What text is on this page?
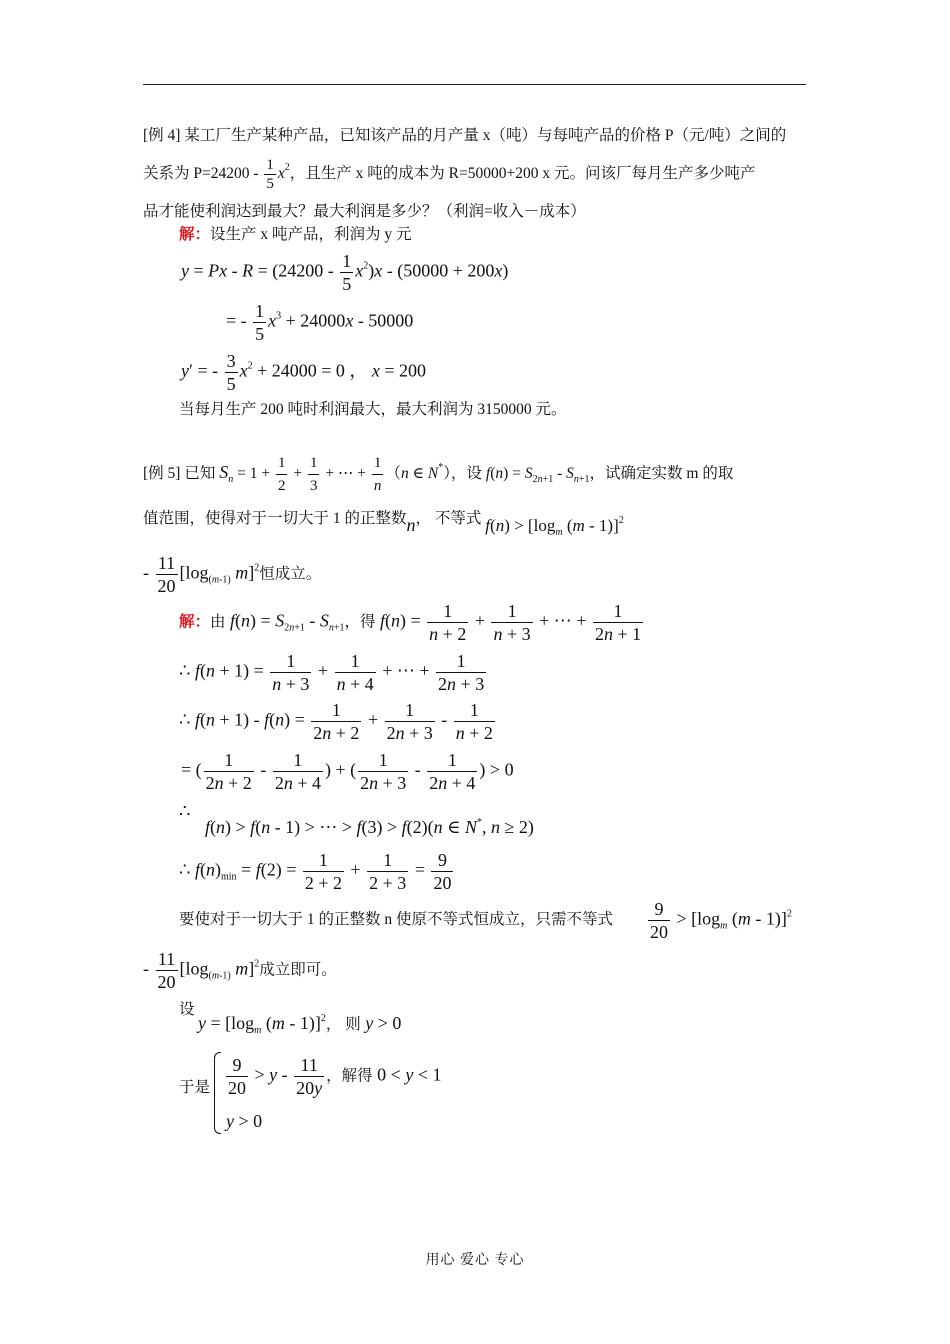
[例 4] 某工厂生产某种产品，已知该产品的月产量 x（吨）与每吨产品的价格 P（元/吨）之间的
关系为 $P=24200 - \frac{1}{5} x^2$，且生产 x 吨的成本为 R=50000+200 x 元。问该厂每月生产多少吨产
品才能使利润达到最大？最大利润是多少？（利润=收入－成本）
解：设生产 x 吨产品，利润为 y 元
$y = Px - R = (24200 - \frac{1}{5} x^2)x - (50000 + 200x)$
= - $\frac{1}{5} x^3 + 24000x - 50000$
y′ = - $\frac{3}{5} x^2 + 24000 = 0$ ， x = 200
当每月生产 200 吨时利润最大，最大利润为 3150000 元。
[例 5] 已知 $S_n = 1 + \frac{1}{2} + \frac{1}{3}$ + ⋯ + $\frac{1}{n} (n$ ∈ N*），设 $f(n) = S_{2n+1} - S_{n+1}$，试确定实数 m 的取
值范围，使得对于一切大于 1 的正整数n， 不等式 $f(n) > [\log_m$ (m - 1)]$^2$
- $\frac{11}{20} [\log_{(m-1)}$ m]$^2$恒成立。
解：由 $f(n) = S_{2n+1} - S_{n+1}$，得 $f(n) = \frac{1}{n + 2} + \frac{1}{n + 3}$ + ⋯ + $\frac{1}{2n + 1}$
∴ $f(n + 1) = \frac{1}{n + 3} + \frac{1}{n + 4}$ + ⋯ + $\frac{1}{2n + 3}$
∴ $f(n + 1) - f(n) = \frac{1}{2n + 2} + \frac{1}{2n + 3} - \frac{1}{n + 2}$
= ( $\frac{1}{2n + 2} - \frac{1}{2n + 4}$ ) + ( $\frac{1}{2n + 3} - \frac{1}{2n + 4}$ ) > 0
∴
f(n) > f(n - 1) > ⋯ > f(3) > f(2)(n ∈ N*, n ≥ 2)
∴ $f(n)_{min} = f(2) = \frac{1}{2 + 2} + \frac{1}{2 + 3} = \frac{9}{20}$
要使对于一切大于 1 的正整数 n 使原不等式恒成立，只需不等式 $\frac{9}{20} > [\log_m$ (m - 1)]$^2$
- $\frac{11}{20} [\log_{(m-1)}$ m]$^2$成立即可。
设
$y = [\log_m$ (m - 1)]$^2$， 则 y > 0
于是 $\frac{9}{20} > y - \frac{11}{20y}$ ，解得 0 < y < 1
y > 0
用心 爱心 专心
